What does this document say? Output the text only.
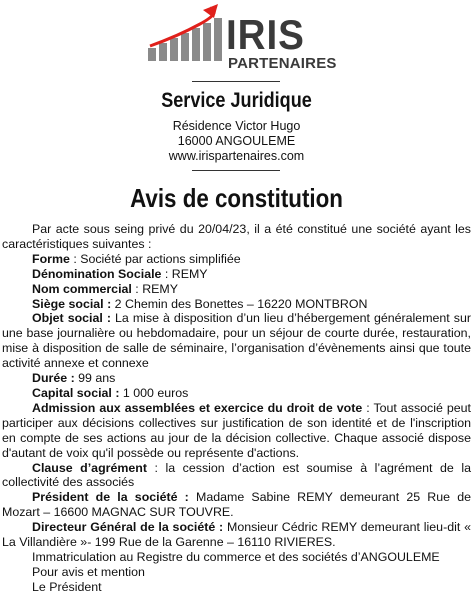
IRIS
PARTENAIRES
Service Juridique
Résidence Victor Hugo
16000 ANGOULEME
www.irispartenaires.com
Avis de constitution

Par acte sous seing privé du 20/04/23, il a été constitué une société ayant les caractéristiques suivantes :

Forme : Société par actions simplifiée

Dénomination Sociale : REMY

Nom commercial : REMY

Siège social : 2 Chemin des Bonettes – 16220 MONTBRON

Objet social : La mise à disposition d’un lieu d’hébergement généralement sur une base journalière ou hebdomadaire, pour un séjour de courte durée, restauration, mise à disposition de salle de séminaire, l’organisation d’évènements ainsi que toute activité annexe et connexe

Durée : 99 ans

Capital social : 1 000 euros

Admission aux assemblées et exercice du droit de vote : Tout associé peut participer aux décisions collectives sur justification de son identité et de l'inscription en compte de ses actions au jour de la décision collective. Chaque associé dispose d'autant de voix qu'il possède ou représente d'actions.

Clause d’agrément : la cession d’action est soumise à l’agrément de la collectivité des associés

Président de la société : Madame Sabine REMY demeurant 25 Rue de Mozart – 16600 MAGNAC SUR TOUVRE.

Directeur Général de la société : Monsieur Cédric REMY demeurant lieu-dit « La Villandière »- 199 Rue de la Garenne – 16110 RIVIERES.

Immatriculation au Registre du commerce et des sociétés d’ANGOULEME

Pour avis et mention

Le Président
